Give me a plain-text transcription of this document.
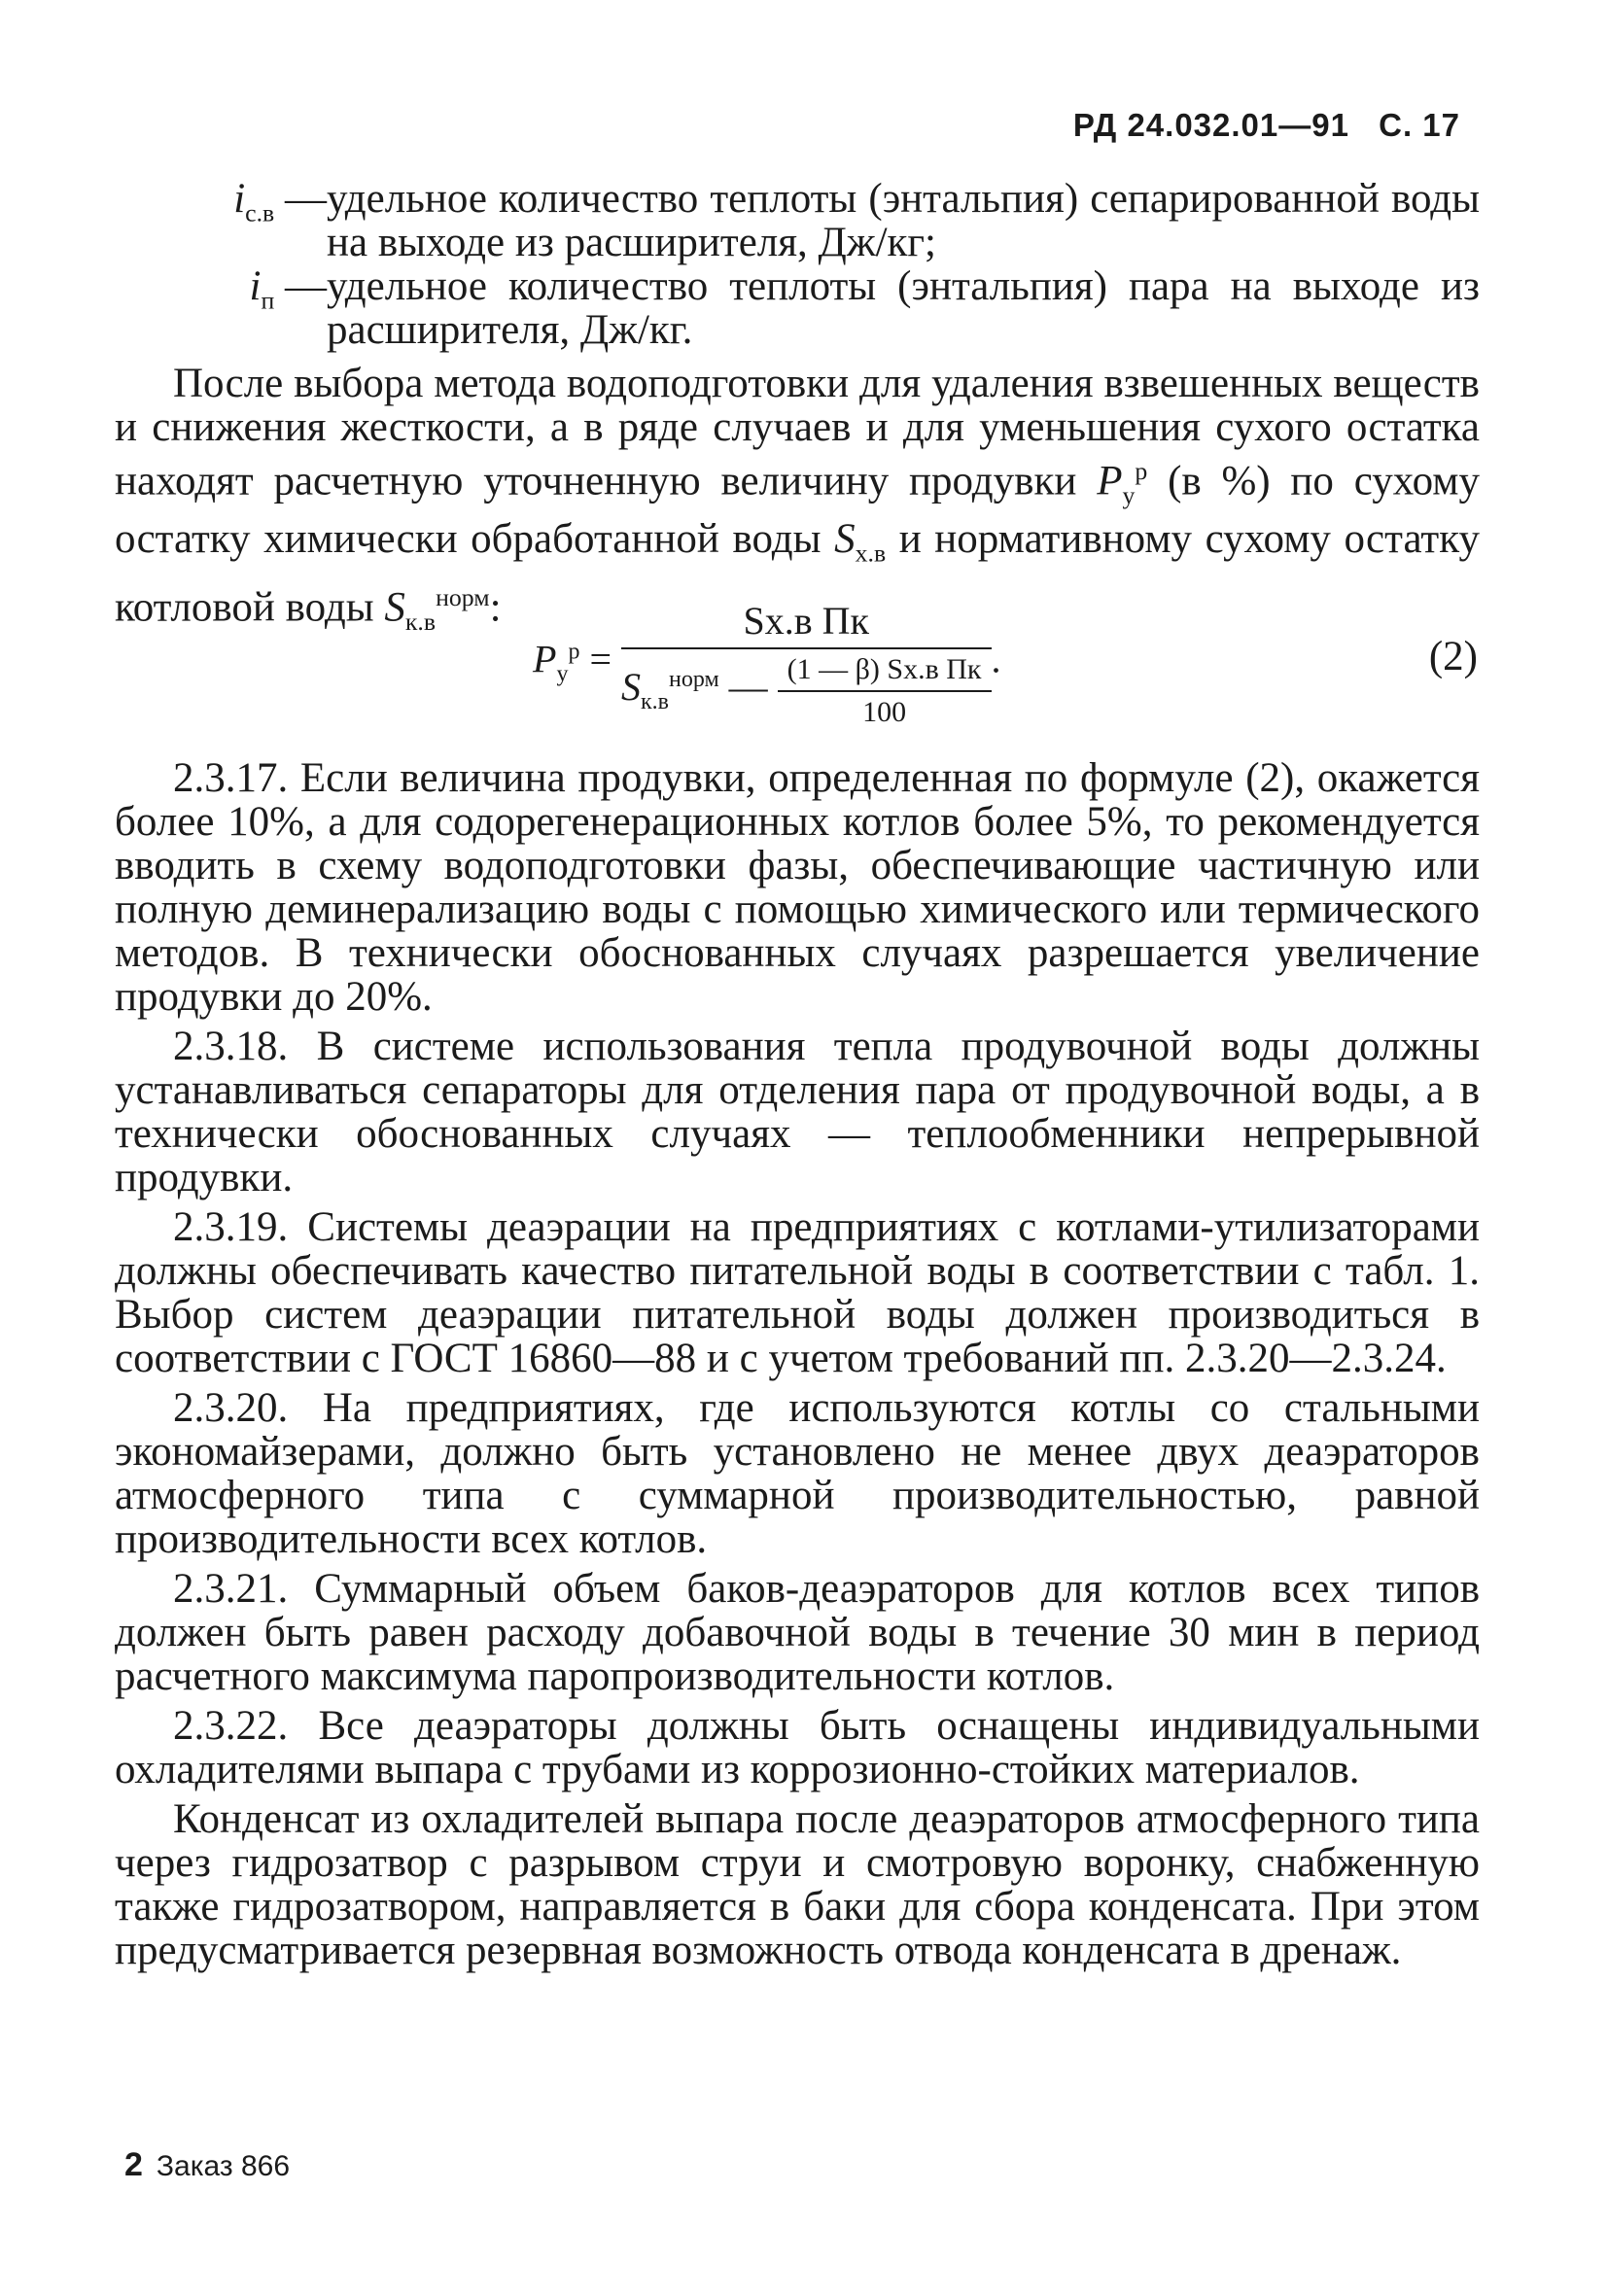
РД 24.032.01—91 С. 17
$i_{с.в}$ — удельное количество теплоты (энтальпия) сепарированной воды на выходе из расширителя, Дж/кг;
$i_п$ — удельное количество теплоты (энтальпия) пара на выходе из расширителя, Дж/кг.

После выбора метода водоподготовки для удаления взвешенных веществ и снижения жесткости, а в ряде случаев и для уменьшения сухого остатка находят расчетную уточненную величину продувки $P_у^р$ (в %) по сухому остатку химически обработанной воды $S_{х.в}$ и нормативному сухому остатку котловой воды $S_{к.в}^{норм}$:

$P_у^р = \frac{\text{Sх.в Пк}}{S_{к.в}^{норм} — \frac{\text{(1 — β) Sх.в Пк}}{100}}$ .	(2)

2.3.17. Если величина продувки, определенная по формуле (2), окажется более 10%, а для содорегенерационных котлов более 5%, то рекомендуется вводить в схему водоподготовки фазы, обеспечивающие частичную или полную деминерализацию воды с помощью химического или термического методов. В технически обоснованных случаях разрешается увеличение продувки до 20%.

2.3.18. В системе использования тепла продувочной воды должны устанавливаться сепараторы для отделения пара от продувочной воды, а в технически обоснованных случаях — теплообменники непрерывной продувки.

2.3.19. Системы деаэрации на предприятиях с котлами-утилизаторами должны обеспечивать качество питательной воды в соответствии с табл. 1. Выбор систем деаэрации питательной воды должен производиться в соответствии с ГОСТ 16860—88 и с учетом требований пп. 2.3.20—2.3.24.

2.3.20. На предприятиях, где используются котлы со стальными экономайзерами, должно быть установлено не менее двух деаэраторов атмосферного типа с суммарной производительностью, равной производительности всех котлов.

2.3.21. Суммарный объем баков-деаэраторов для котлов всех типов должен быть равен расходу добавочной воды в течение 30 мин в период расчетного максимума паропроизводительности котлов.

2.3.22. Все деаэраторы должны быть оснащены индивидуальными охладителями выпара с трубами из коррозионно-стойких материалов.

Конденсат из охладителей выпара после деаэраторов атмосферного типа через гидрозатвор с разрывом струи и смотровую воронку, снабженную также гидрозатвором, направляется в баки для сбора конденсата. При этом предусматривается резервная возможность отвода конденсата в дренаж.

2 Заказ 866
